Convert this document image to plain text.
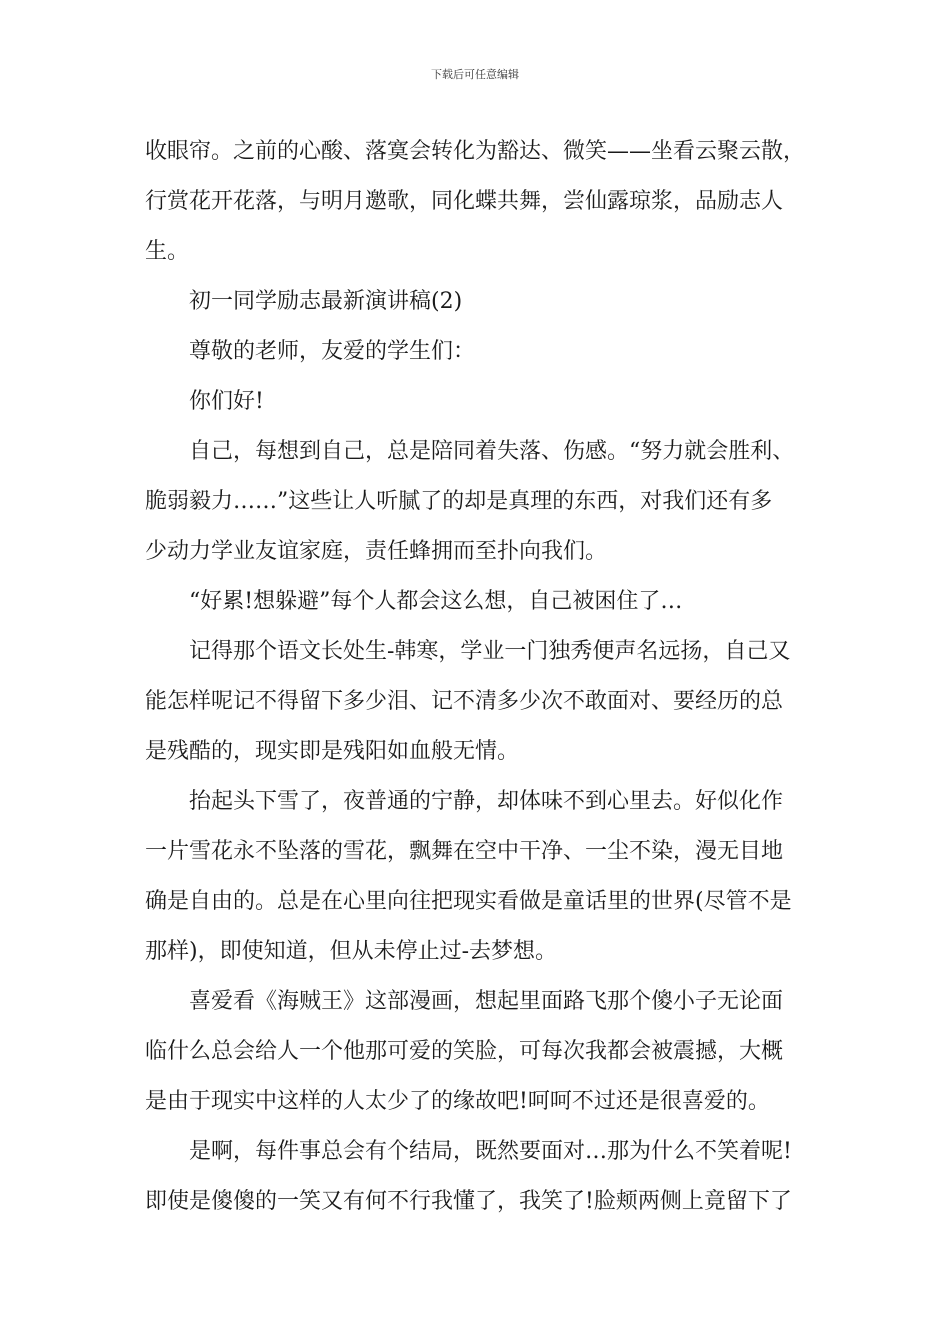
下载后可任意编辑

收眼帘。之前的心酸、落寞会转化为豁达、微笑——坐看云聚云散，

行赏花开花落，与明月邀歌，同化蝶共舞，尝仙露琼浆，品励志人

生。

初一同学励志最新演讲稿(2)

尊敬的老师，友爱的学生们：

你们好!

自己，每想到自己，总是陪同着失落、伤感。“努力就会胜利、

脆弱毅力……”这些让人听腻了的却是真理的东西，对我们还有多

少动力学业友谊家庭，责任蜂拥而至扑向我们。

“好累!想躲避”每个人都会这么想，自己被困住了…

记得那个语文长处生-韩寒，学业一门独秀便声名远扬，自己又

能怎样呢记不得留下多少泪、记不清多少次不敢面对、要经历的总

是残酷的，现实即是残阳如血般无情。

抬起头下雪了，夜普通的宁静，却体味不到心里去。好似化作

一片雪花永不坠落的雪花，飘舞在空中干净、一尘不染，漫无目地

确是自由的。总是在心里向往把现实看做是童话里的世界(尽管不是

那样)，即使知道，但从未停止过-去梦想。

喜爱看《海贼王》这部漫画，想起里面路飞那个傻小子无论面

临什么总会给人一个他那可爱的笑脸，可每次我都会被震撼，大概

是由于现实中这样的人太少了的缘故吧!呵呵不过还是很喜爱的。

是啊，每件事总会有个结局，既然要面对…那为什么不笑着呢!

即使是傻傻的一笑又有何不行我懂了，我笑了!脸颊两侧上竟留下了
